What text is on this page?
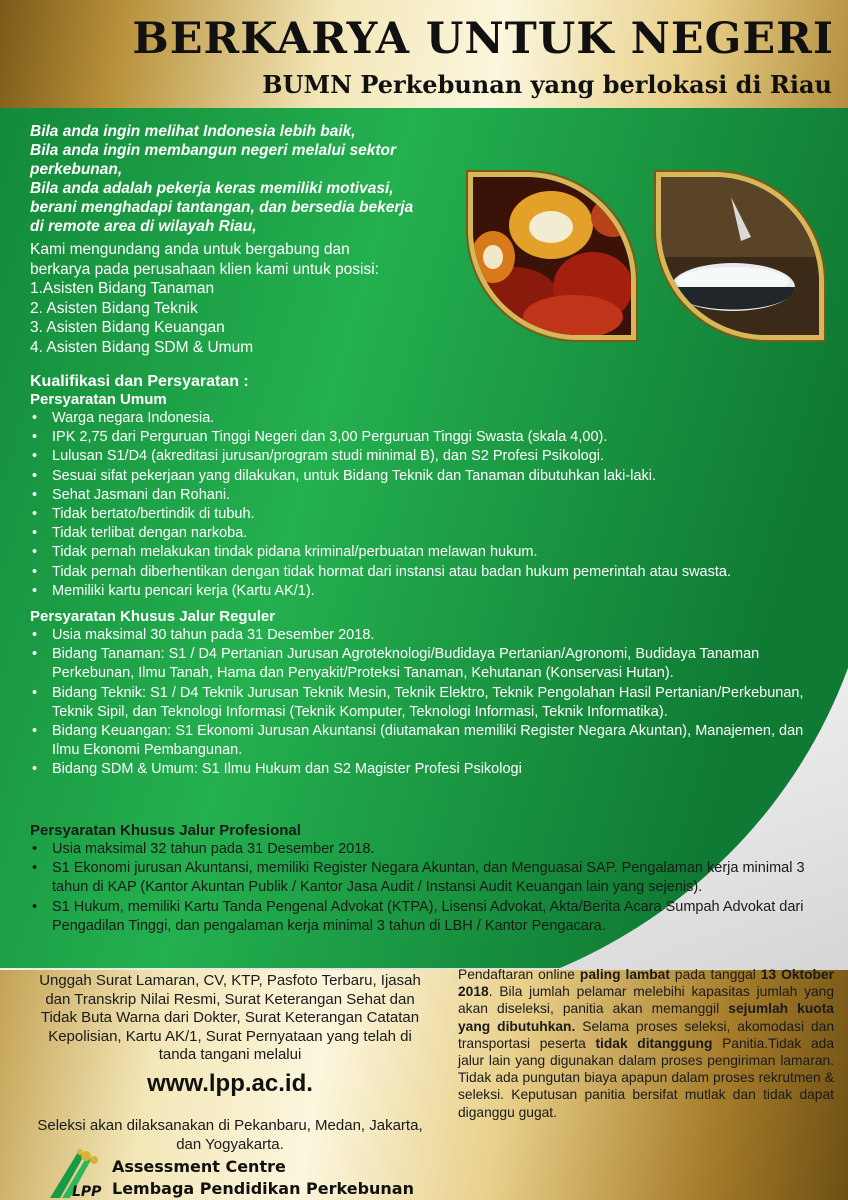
BERKARYA UNTUK NEGERI
BUMN Perkebunan yang berlokasi di Riau
Bila anda ingin melihat Indonesia lebih baik,
Bila anda ingin membangun negeri melalui sektor
perkebunan,
Bila anda adalah pekerja keras memiliki motivasi,
berani menghadapi tantangan, dan bersedia bekerja
di remote area di wilayah Riau,
Kami mengundang anda untuk bergabung dan
berkarya pada perusahaan klien kami untuk posisi:
1.Asisten Bidang Tanaman
2. Asisten Bidang Teknik
3. Asisten Bidang Keuangan
4. Asisten Bidang SDM & Umum
Kualifikasi dan Persyaratan :
Persyaratan Umum
• Warga negara Indonesia.
• IPK 2,75 dari Perguruan Tinggi Negeri dan 3,00 Perguruan Tinggi Swasta (skala 4,00).
• Lulusan S1/D4 (akreditasi jurusan/program studi minimal B), dan S2 Profesi Psikologi.
• Sesuai sifat pekerjaan yang dilakukan, untuk Bidang Teknik dan Tanaman dibutuhkan laki-laki.
• Sehat Jasmani dan Rohani.
• Tidak bertato/bertindik di tubuh.
• Tidak terlibat dengan narkoba.
• Tidak pernah melakukan tindak pidana kriminal/perbuatan melawan hukum.
• Tidak pernah diberhentikan dengan tidak hormat dari instansi atau badan hukum pemerintah atau swasta.
• Memiliki kartu pencari kerja (Kartu AK/1).
Persyaratan Khusus Jalur Reguler
• Usia maksimal 30 tahun pada 31 Desember 2018.
• Bidang Tanaman: S1 / D4 Pertanian Jurusan Agroteknologi/Budidaya Pertanian/Agronomi, Budidaya Tanaman Perkebunan, Ilmu Tanah, Hama dan Penyakit/Proteksi Tanaman, Kehutanan (Konservasi Hutan).
• Bidang Teknik: S1 / D4 Teknik Jurusan Teknik Mesin, Teknik Elektro, Teknik Pengolahan Hasil Pertanian/Perkebunan, Teknik Sipil, dan Teknologi Informasi (Teknik Komputer, Teknologi Informasi, Teknik Informatika).
• Bidang Keuangan: S1 Ekonomi Jurusan Akuntansi (diutamakan memiliki Register Negara Akuntan), Manajemen, dan Ilmu Ekonomi Pembangunan.
• Bidang SDM & Umum: S1 Ilmu Hukum dan S2 Magister Profesi Psikologi
Persyaratan Khusus Jalur Profesional
• Usia maksimal 32 tahun pada 31 Desember 2018.
• S1 Ekonomi jurusan Akuntansi, memiliki Register Negara Akuntan, dan Menguasai SAP. Pengalaman kerja minimal 3 tahun di KAP (Kantor Akuntan Publik / Kantor Jasa Audit / Instansi Audit Keuangan lain yang sejenis).
• S1 Hukum, memiliki Kartu Tanda Pengenal Advokat (KTPA), Lisensi Advokat, Akta/Berita Acara Sumpah Advokat dari Pengadilan Tinggi, dan pengalaman kerja minimal 3 tahun di LBH / Kantor Pengacara.
Unggah Surat Lamaran, CV, KTP, Pasfoto Terbaru, Ijasah dan Transkrip Nilai Resmi, Surat Keterangan Sehat dan Tidak Buta Warna dari Dokter, Surat Keterangan Catatan Kepolisian, Kartu AK/1, Surat Pernyataan yang telah di tanda tangani melalui
www.lpp.ac.id.
Seleksi akan dilaksanakan di Pekanbaru, Medan, Jakarta, dan Yogyakarta.
Pendaftaran online paling lambat pada tanggal 13 Oktober 2018. Bila jumlah pelamar melebihi kapasitas jumlah yang akan diseleksi, panitia akan memanggil sejumlah kuota yang dibutuhkan. Selama proses seleksi, akomodasi dan transportasi peserta tidak ditanggung Panitia.Tidak ada jalur lain yang digunakan dalam proses pengiriman lamaran. Tidak ada pungutan biaya apapun dalam proses rekrutmen & seleksi. Keputusan panitia bersifat mutlak dan tidak dapat diganggu gugat.
LPP
Assessment Centre
Lembaga Pendidikan Perkebunan
